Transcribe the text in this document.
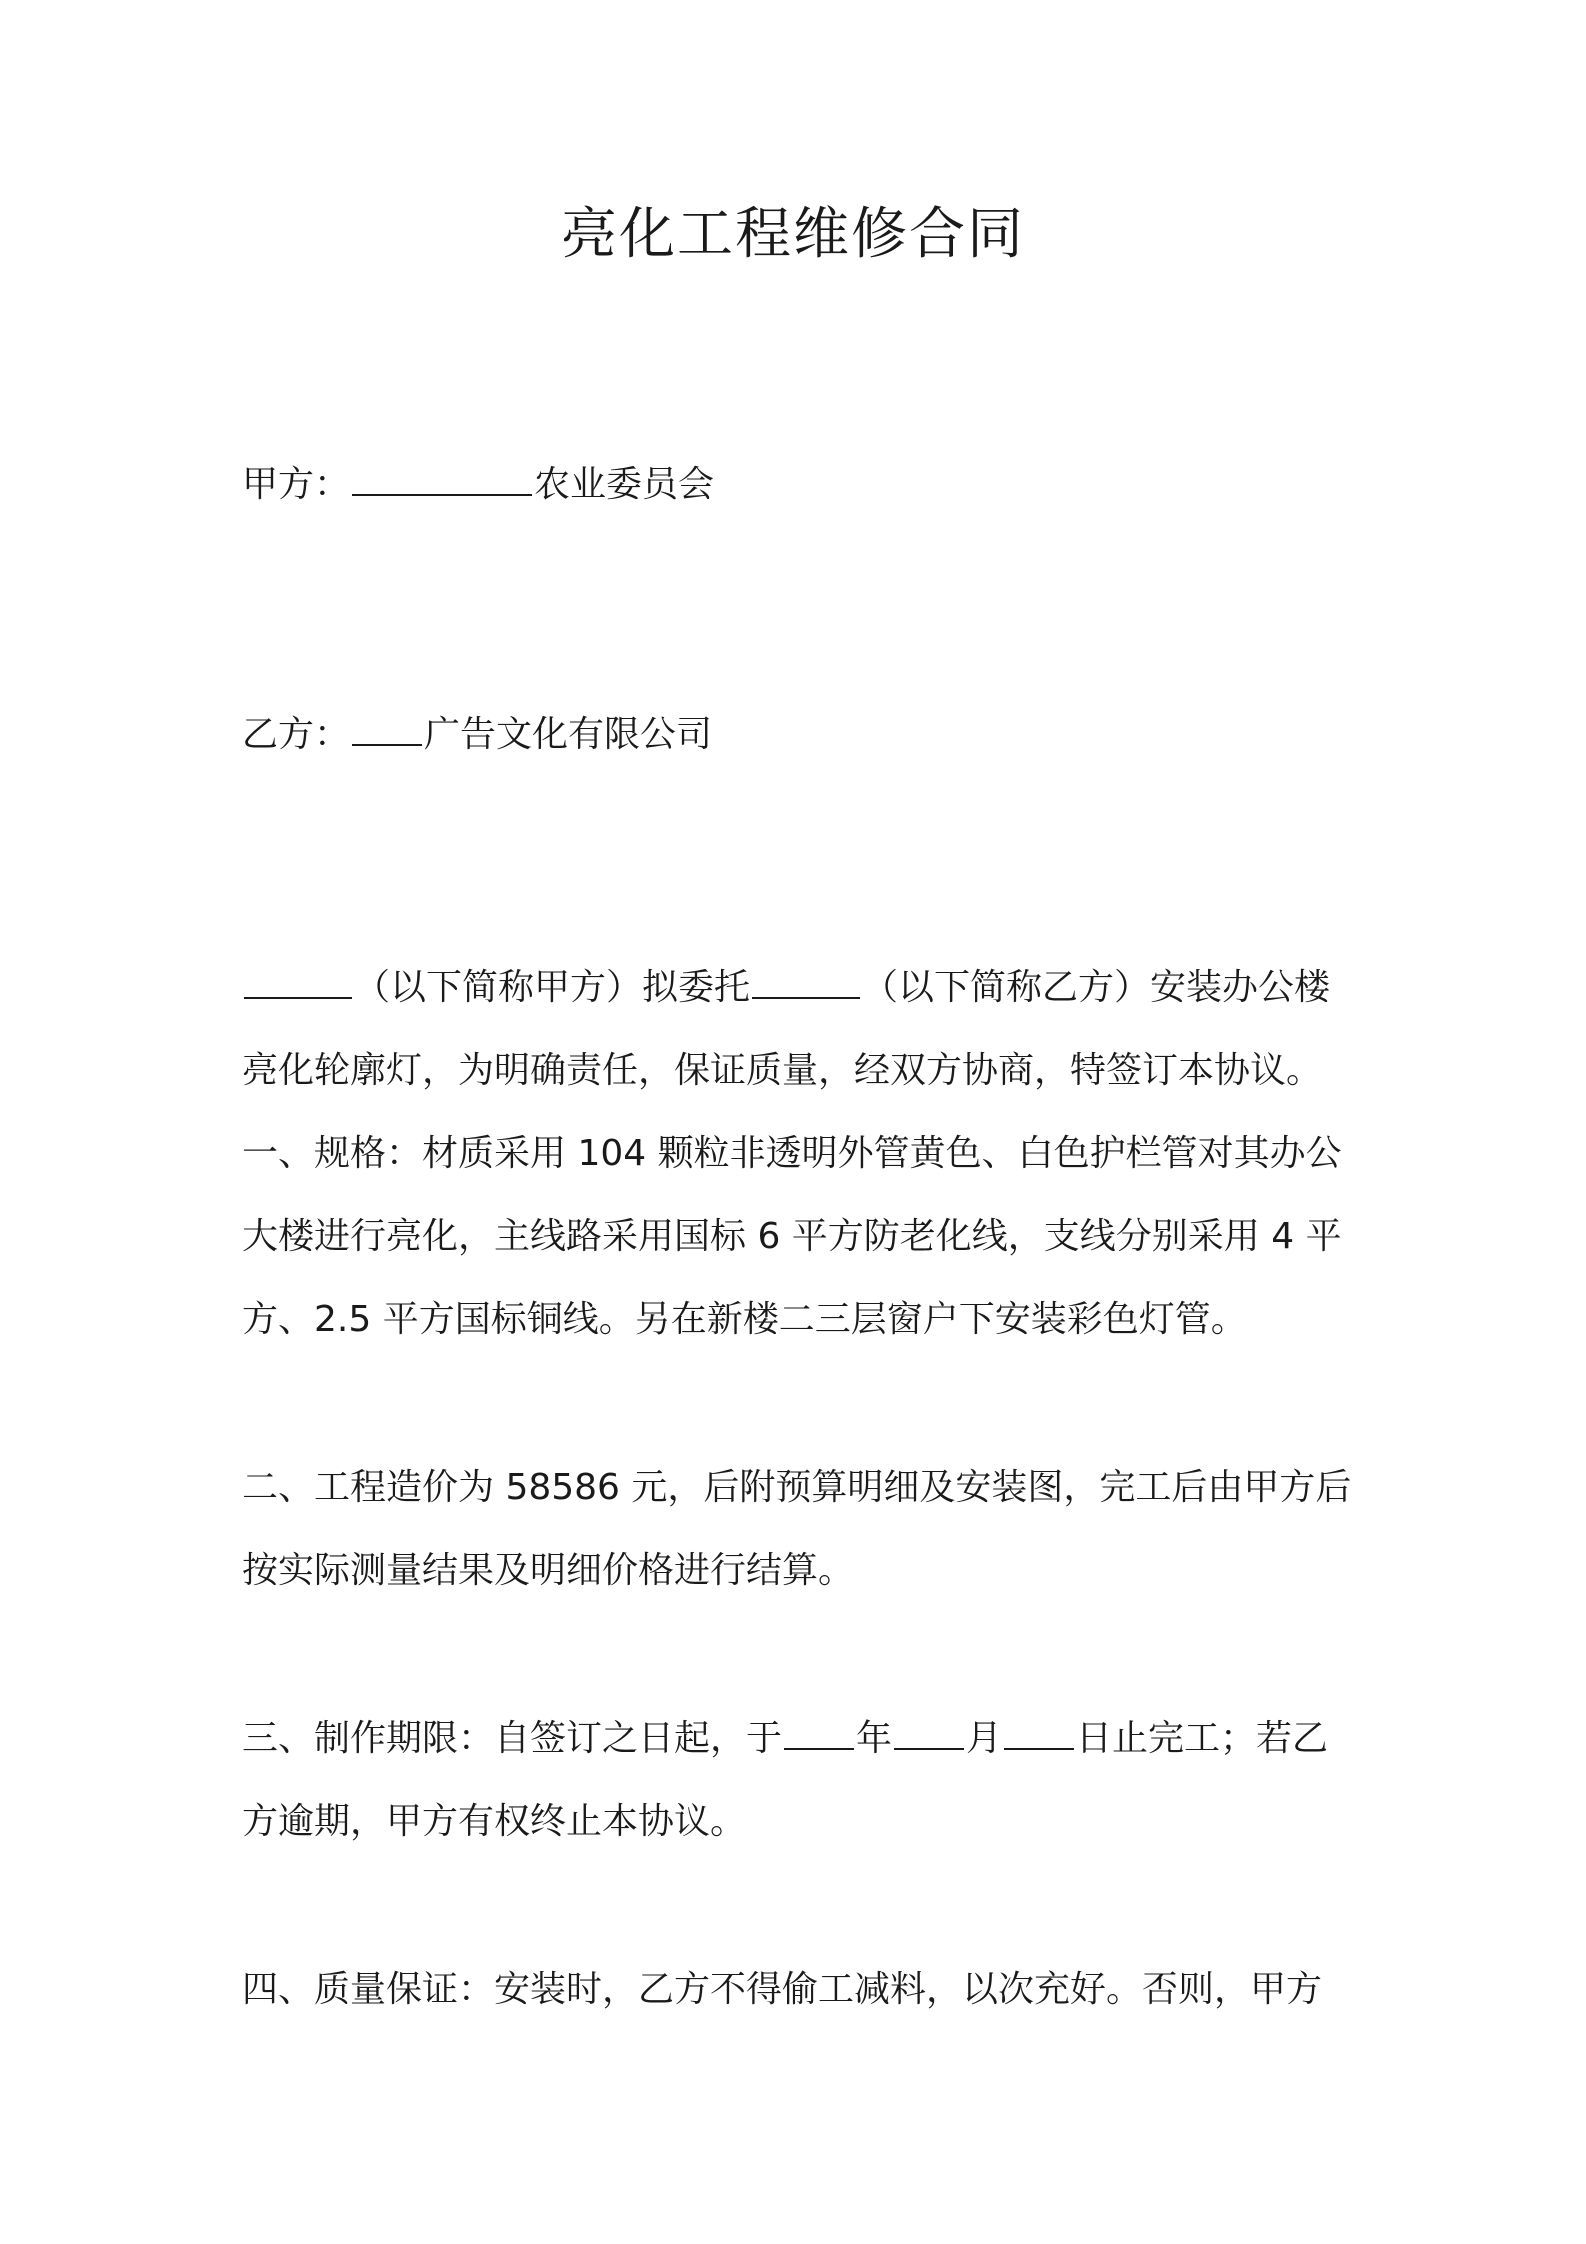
亮化工程维修合同
甲方：	农业委员会
乙方： 广告文化有限公司
（以下简称甲方）拟委托	（以下简称乙方）安装办公楼
亮化轮廓灯，为明确责任，保证质量，经双方协商，特签订本协议。
一、规格：材质采用 104 颗粒非透明外管黄色、白色护栏管对其办公
大楼进行亮化，主线路采用国标 6 平方防老化线，支线分别采用 4 平
方、2.5 平方国标铜线。另在新楼二三层窗户下安装彩色灯管。
二、工程造价为 58586 元，后附预算明细及安装图，完工后由甲方后
按实际测量结果及明细价格进行结算。
三、制作期限：自签订之日起，于 年 月 日止完工；若乙
方逾期，甲方有权终止本协议。
四、质量保证：安装时，乙方不得偷工减料，以次充好。否则，甲方
